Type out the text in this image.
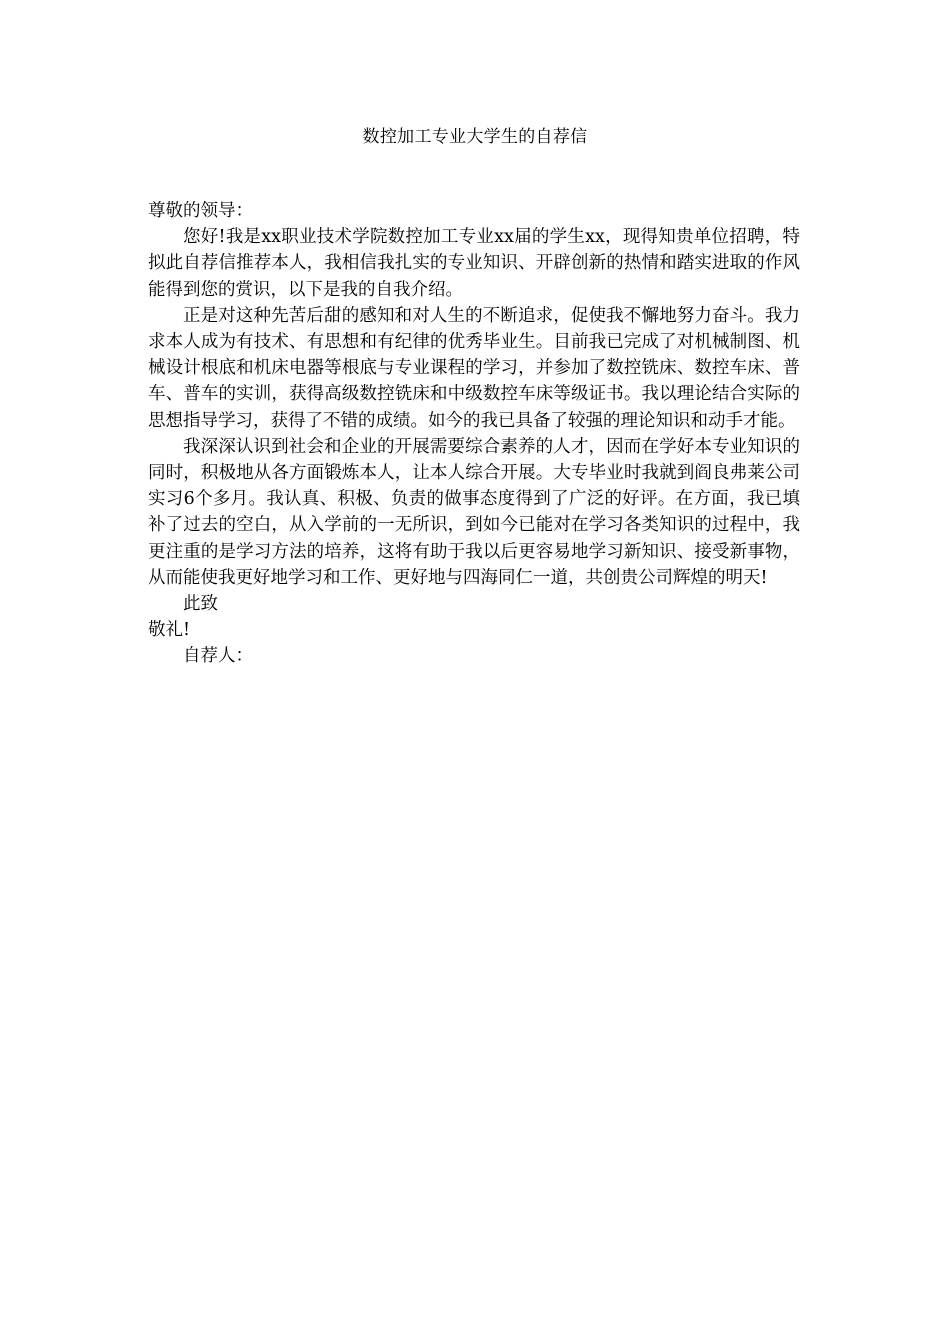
数控加工专业大学生的自荐信

尊敬的领导：

您好!我是xx职业技术学院数控加工专业xx届的学生xx，现得知贵单位招聘，特拟此自荐信推荐本人，我相信我扎实的专业知识、开辟创新的热情和踏实进取的作风能得到您的赏识，以下是我的自我介绍。

正是对这种先苦后甜的感知和对人生的不断追求，促使我不懈地努力奋斗。我力求本人成为有技术、有思想和有纪律的优秀毕业生。目前我已完成了对机械制图、机械设计根底和机床电器等根底与专业课程的学习，并参加了数控铣床、数控车床、普车、普车的实训，获得高级数控铣床和中级数控车床等级证书。我以理论结合实际的思想指导学习，获得了不错的成绩。如今的我已具备了较强的理论知识和动手才能。

我深深认识到社会和企业的开展需要综合素养的人才，因而在学好本专业知识的同时，积极地从各方面锻炼本人，让本人综合开展。大专毕业时我就到阎良弗莱公司实习6个多月。我认真、积极、负责的做事态度得到了广泛的好评。在方面，我已填补了过去的空白，从入学前的一无所识，到如今已能对在学习各类知识的过程中，我更注重的是学习方法的培养，这将有助于我以后更容易地学习新知识、接受新事物，从而能使我更好地学习和工作、更好地与四海同仁一道，共创贵公司辉煌的明天!

此致

敬礼!

自荐人：
